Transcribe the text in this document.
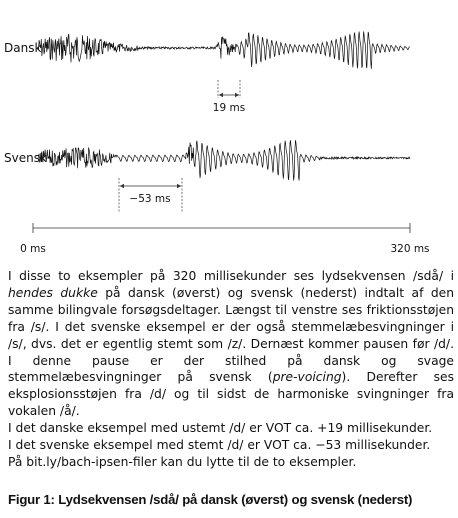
Dansk
19 ms
Svensk
−53 ms
0 ms	320 ms

I disse to eksempler på 320 millisekunder ses lydsekvensen /sdå/ i hendes dukke på dansk (øverst) og svensk (nederst) indtalt af den samme bilingvale forsøgsdeltager. Længst til venstre ses friktionsstøjen fra /s/. I det svenske eksempel er der også stemmelæbesvingninger i /s/, dvs. det er egentlig stemt som /z/. Dernæst kommer pausen før /d/. I denne pause er der stilhed på dansk og svage stemmelæbesvingninger på svensk (pre-voicing). Derefter ses eksplosionsstøjen fra /d/ og til sidst de harmoniske svingninger fra vokalen /å/.

I det danske eksempel med ustemt /d/ er VOT ca. +19 millisekunder.

I det svenske eksempel med stemt /d/ er VOT ca. −53 millisekunder.

På bit.ly/bach-ipsen-filer kan du lytte til de to eksempler.

Figur 1: Lydsekvensen /sdå/ på dansk (øverst) og svensk (nederst)
